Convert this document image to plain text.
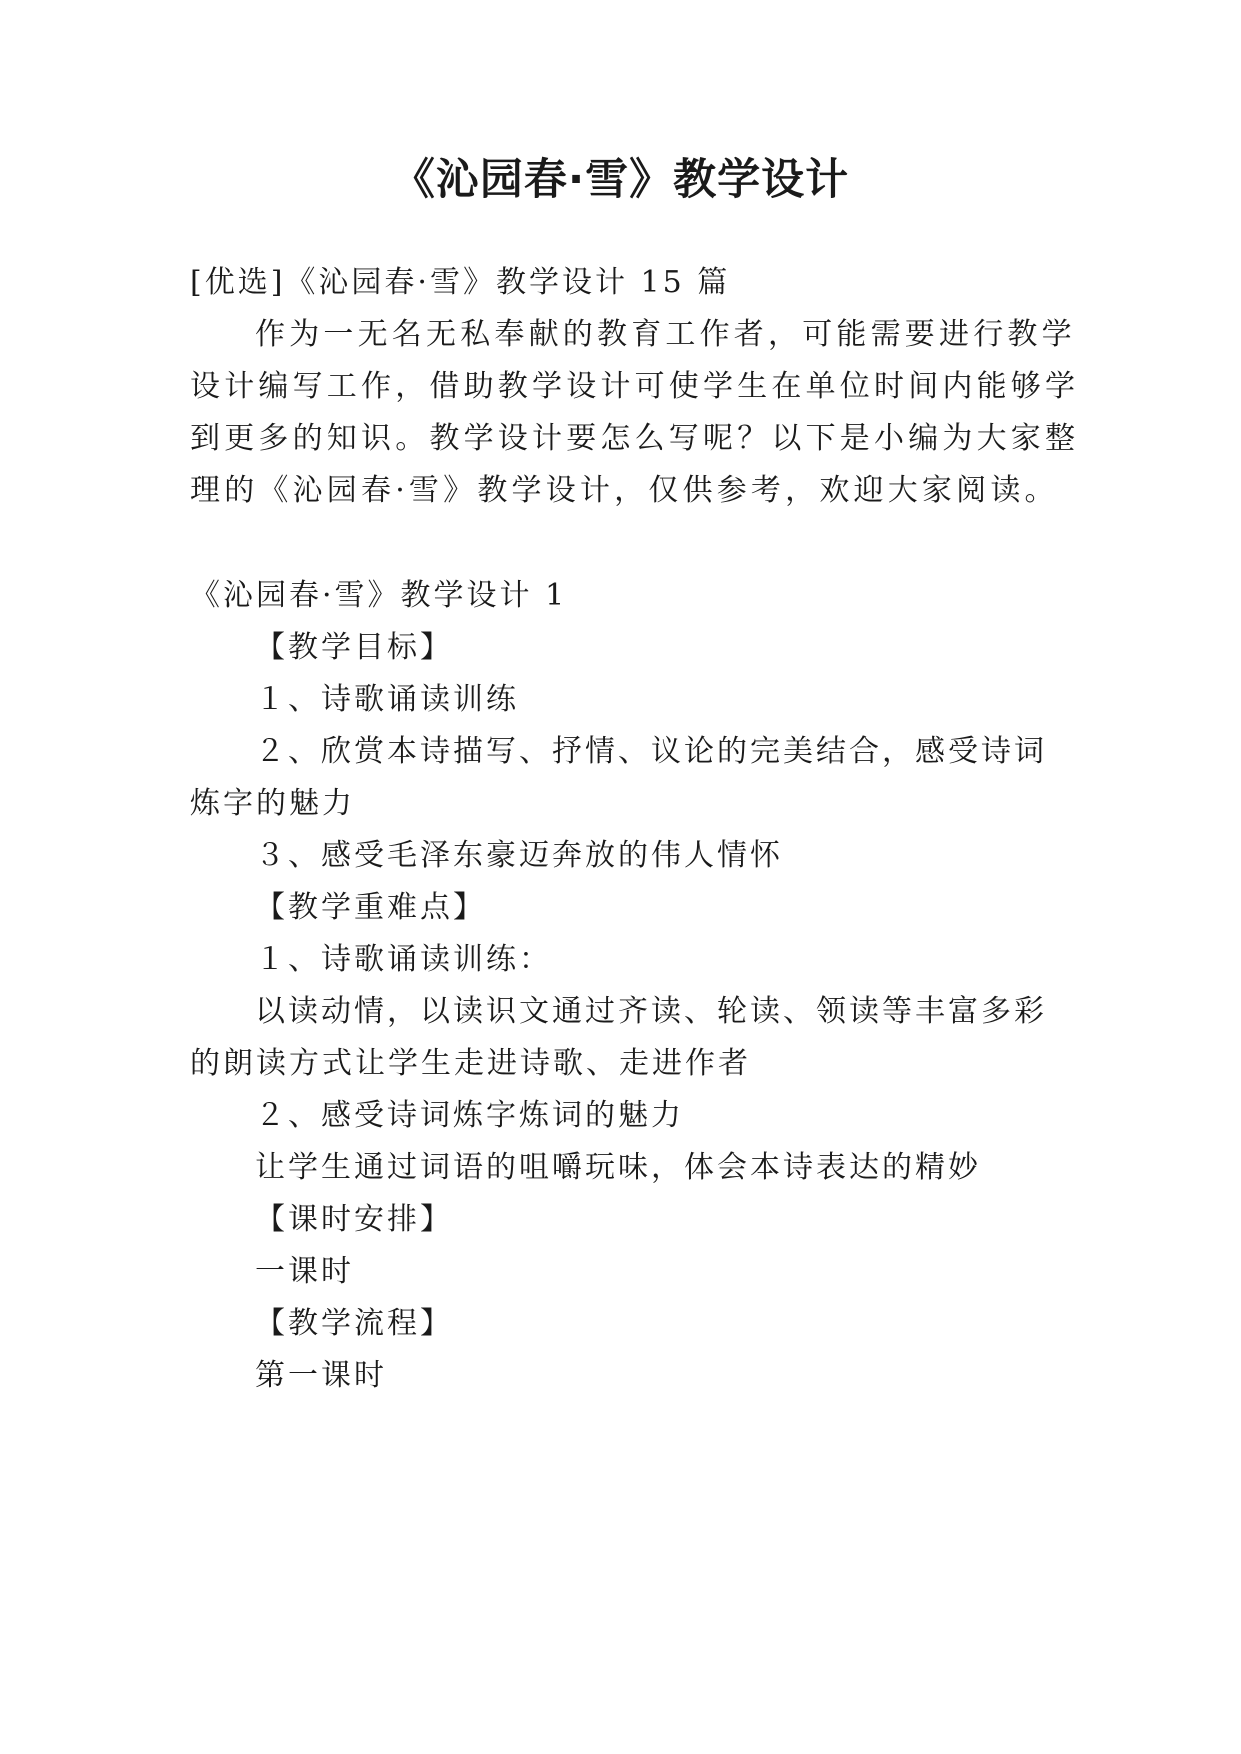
《沁园春·雪》教学设计
[优选]《沁园春·雪》教学设计 15 篇
作为一无名无私奉献的教育工作者，可能需要进行教学
设计编写工作，借助教学设计可使学生在单位时间内能够学
到更多的知识。教学设计要怎么写呢？以下是小编为大家整
理的《沁园春·雪》教学设计，仅供参考，欢迎大家阅读。
《沁园春·雪》教学设计 1
【教学目标】
１、诗歌诵读训练
２、欣赏本诗描写、抒情、议论的完美结合，感受诗词
炼字的魅力
３、感受毛泽东豪迈奔放的伟人情怀
【教学重难点】
１、诗歌诵读训练：
以读动情，以读识文通过齐读、轮读、领读等丰富多彩
的朗读方式让学生走进诗歌、走进作者
２、感受诗词炼字炼词的魅力
让学生通过词语的咀嚼玩味，体会本诗表达的精妙
【课时安排】
一课时
【教学流程】
第一课时
